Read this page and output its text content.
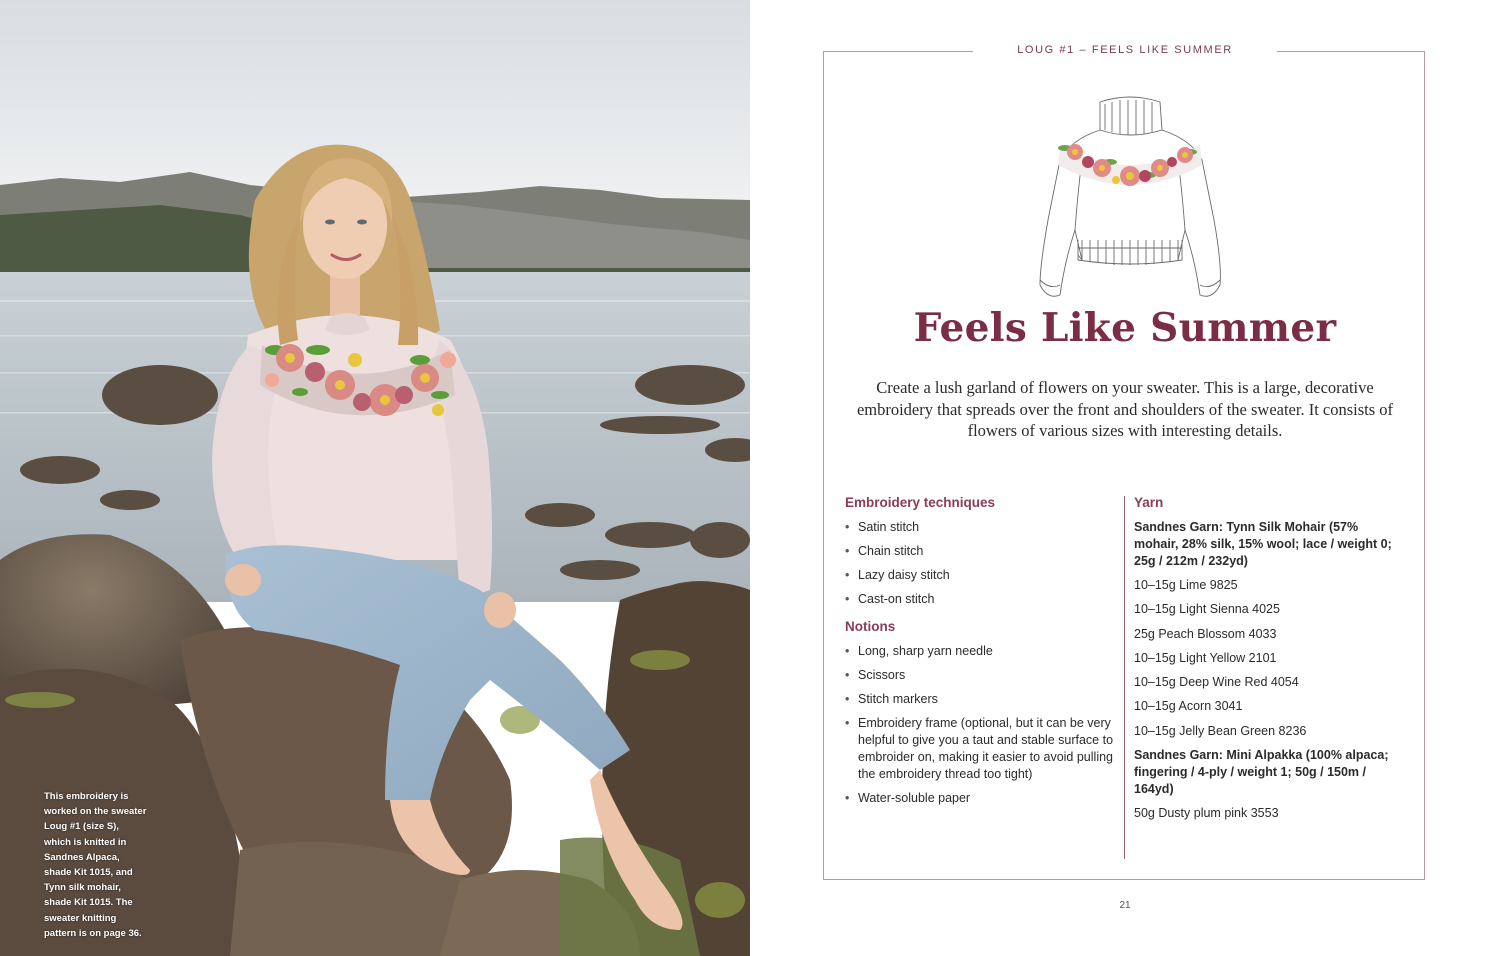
This embroidery is worked on the sweater Loug #1 (size S), which is knitted in Sandnes Alpaca, shade Kit 1015, and Tynn silk mohair, shade Kit 1015. The sweater knitting pattern is on page 36.

LOUG #1 – FEELS LIKE SUMMER

Feels Like Summer

Create a lush garland of flowers on your sweater. This is a large, decorative embroidery that spreads over the front and shoulders of the sweater. It consists of flowers of various sizes with interesting details.

Embroidery techniques
• Satin stitch
• Chain stitch
• Lazy daisy stitch
• Cast-on stitch
Notions
• Long, sharp yarn needle
• Scissors
• Stitch markers
• Embroidery frame (optional, but it can be very helpful to give you a taut and stable surface to embroider on, making it easier to avoid pulling the embroidery thread too tight)
• Water-soluble paper
Yarn

Sandnes Garn: Tynn Silk Mohair (57% mohair, 28% silk, 15% wool; lace / weight 0; 25g / 212m / 232yd)

10–15g Lime 9825

10–15g Light Sienna 4025

25g Peach Blossom 4033

10–15g Light Yellow 2101

10–15g Deep Wine Red 4054

10–15g Acorn 3041

10–15g Jelly Bean Green 8236

Sandnes Garn: Mini Alpakka (100% alpaca; fingering / 4-ply / weight 1; 50g / 150m / 164yd)

50g Dusty plum pink 3553

21
